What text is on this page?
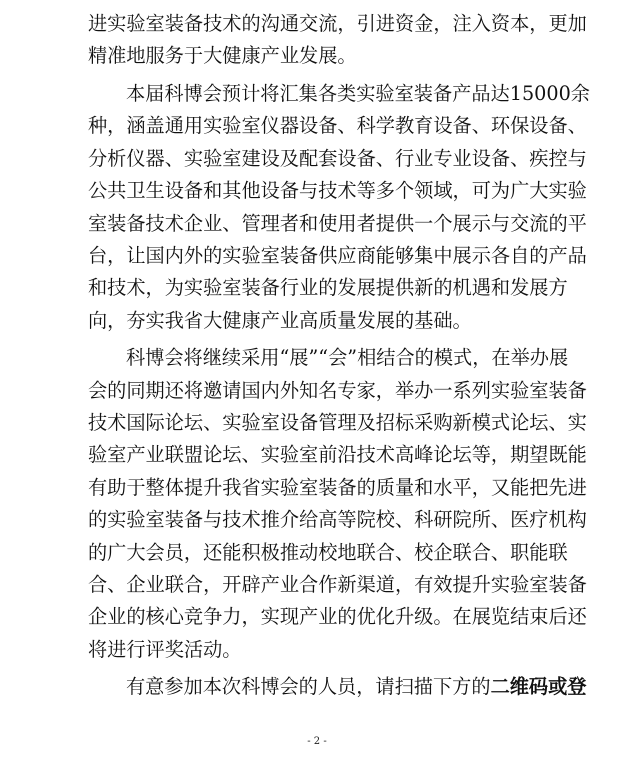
进实验室装备技术的沟通交流，引进资金，注入资本，更加
精准地服务于大健康产业发展。
本届科博会预计将汇集各类实验室装备产品达15000余
种，涵盖通用实验室仪器设备、科学教育设备、环保设备、
分析仪器、实验室建设及配套设备、行业专业设备、疾控与
公共卫生设备和其他设备与技术等多个领域，可为广大实验
室装备技术企业、管理者和使用者提供一个展示与交流的平
台，让国内外的实验室装备供应商能够集中展示各自的产品
和技术，为实验室装备行业的发展提供新的机遇和发展方
向，夯实我省大健康产业高质量发展的基础。
科博会将继续采用“展”“会”相结合的模式，在举办展
会的同期还将邀请国内外知名专家，举办一系列实验室装备
技术国际论坛、实验室设备管理及招标采购新模式论坛、实
验室产业联盟论坛、实验室前沿技术高峰论坛等，期望既能
有助于整体提升我省实验室装备的质量和水平，又能把先进
的实验室装备与技术推介给高等院校、科研院所、医疗机构
的广大会员，还能积极推动校地联合、校企联合、职能联
合、企业联合，开辟产业合作新渠道，有效提升实验室装备
企业的核心竞争力，实现产业的优化升级。在展览结束后还
将进行评奖活动。
有意参加本次科博会的人员，请扫描下方的二维码或登
- 2 -
